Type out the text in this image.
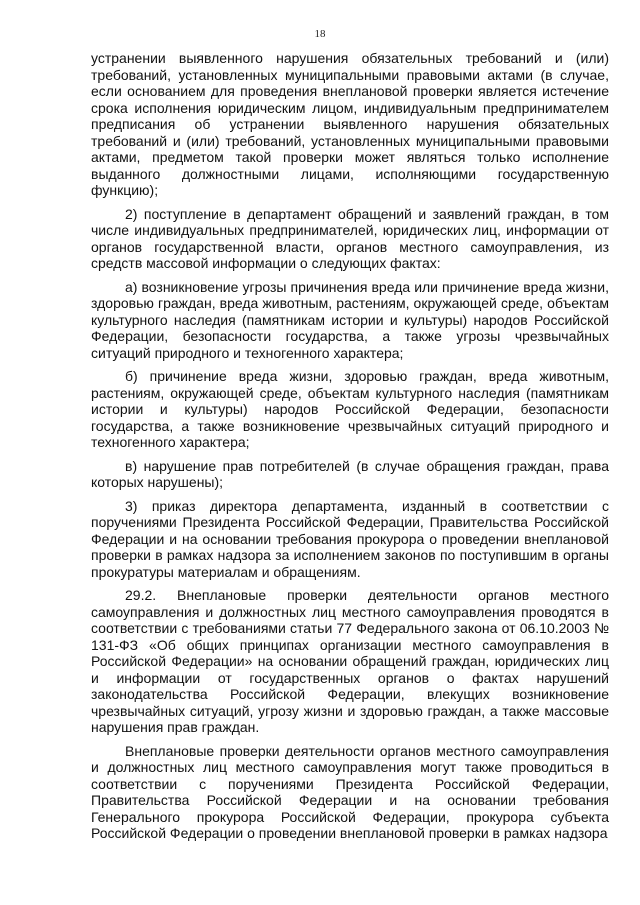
18

устранении выявленного нарушения обязательных требований и (или) требований, установленных муниципальными правовыми актами (в случае, если основанием для проведения внеплановой проверки является истечение срока исполнения юридическим лицом, индивидуальным предпринимателем предписания об устранении выявленного нарушения обязательных требований и (или) требований, установленных муниципальными правовыми актами, предметом такой проверки может являться только исполнение выданного должностными лицами, исполняющими государственную функцию);

2) поступление в департамент обращений и заявлений граждан, в том числе индивидуальных предпринимателей, юридических лиц, информации от органов государственной власти, органов местного самоуправления, из средств массовой информации о следующих фактах:

а) возникновение угрозы причинения вреда или причинение вреда жизни, здоровью граждан, вреда животным, растениям, окружающей среде, объектам культурного наследия (памятникам истории и культуры) народов Российской Федерации, безопасности государства, а также угрозы чрезвычайных ситуаций природного и техногенного характера;

б) причинение вреда жизни, здоровью граждан, вреда животным, растениям, окружающей среде, объектам культурного наследия (памятникам истории и культуры) народов Российской Федерации, безопасности государства, а также возникновение чрезвычайных ситуаций природного и техногенного характера;

в) нарушение прав потребителей (в случае обращения граждан, права которых нарушены);

3) приказ директора департамента, изданный в соответствии с поручениями Президента Российской Федерации, Правительства Российской Федерации и на основании требования прокурора о проведении внеплановой проверки в рамках надзора за исполнением законов по поступившим в органы прокуратуры материалам и обращениям.

29.2. Внеплановые проверки деятельности органов местного самоуправления и должностных лиц местного самоуправления проводятся в соответствии с требованиями статьи 77 Федерального закона от 06.10.2003 № 131-ФЗ «Об общих принципах организации местного самоуправления в Российской Федерации» на основании обращений граждан, юридических лиц и информации от государственных органов о фактах нарушений законодательства Российской Федерации, влекущих возникновение чрезвычайных ситуаций, угрозу жизни и здоровью граждан, а также массовые нарушения прав граждан.

Внеплановые проверки деятельности органов местного самоуправления и должностных лиц местного самоуправления могут также проводиться в соответствии с поручениями Президента Российской Федерации, Правительства Российской Федерации и на основании требования Генерального прокурора Российской Федерации, прокурора субъекта Российской Федерации о проведении внеплановой проверки в рамках надзора
